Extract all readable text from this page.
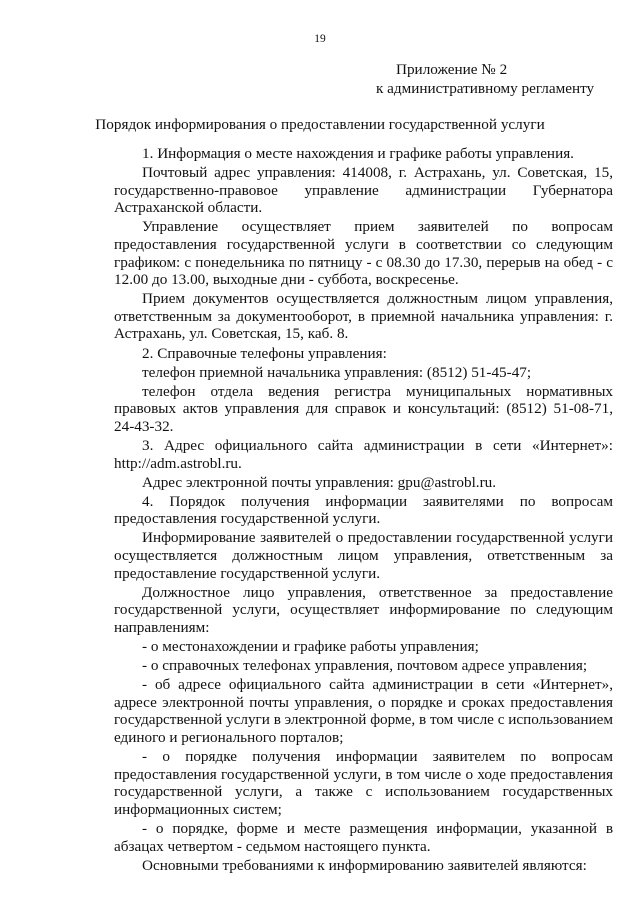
19
Приложение № 2
к административному регламенту
Порядок информирования о предоставлении государственной услуги

1. Информация о месте нахождения и графике работы управления.

Почтовый адрес управления: 414008, г. Астрахань, ул. Советская, 15, государственно-правовое управление администрации Губернатора Астраханской области.

Управление осуществляет прием заявителей по вопросам предоставления государственной услуги в соответствии со следующим графиком: с понедельника по пятницу - с 08.30 до 17.30, перерыв на обед - с 12.00 до 13.00, выходные дни - суббота, воскресенье.

Прием документов осуществляется должностным лицом управления, ответственным за документооборот, в приемной начальника управления: г. Астрахань, ул. Советская, 15, каб. 8.

2. Справочные телефоны управления:

телефон приемной начальника управления: (8512) 51-45-47;

телефон отдела ведения регистра муниципальных нормативных правовых актов управления для справок и консультаций: (8512) 51-08-71, 24-43-32.

3. Адрес официального сайта администрации в сети «Интернет»: http://adm.astrobl.ru.

Адрес электронной почты управления: gpu@astrobl.ru.

4. Порядок получения информации заявителями по вопросам предоставления государственной услуги.

Информирование заявителей о предоставлении государственной услуги осуществляется должностным лицом управления, ответственным за предоставление государственной услуги.

Должностное лицо управления, ответственное за предоставление государственной услуги, осуществляет информирование по следующим направлениям:

- о местонахождении и графике работы управления;

- о справочных телефонах управления, почтовом адресе управления;

- об адресе официального сайта администрации в сети «Интернет», адресе электронной почты управления, о порядке и сроках предоставления государственной услуги в электронной форме, в том числе с использованием единого и регионального порталов;

- о порядке получения информации заявителем по вопросам предоставления государственной услуги, в том числе о ходе предоставления государственной услуги, а также с использованием государственных информационных систем;

- о порядке, форме и месте размещения информации, указанной в абзацах четвертом - седьмом настоящего пункта.

Основными требованиями к информированию заявителей являются:
